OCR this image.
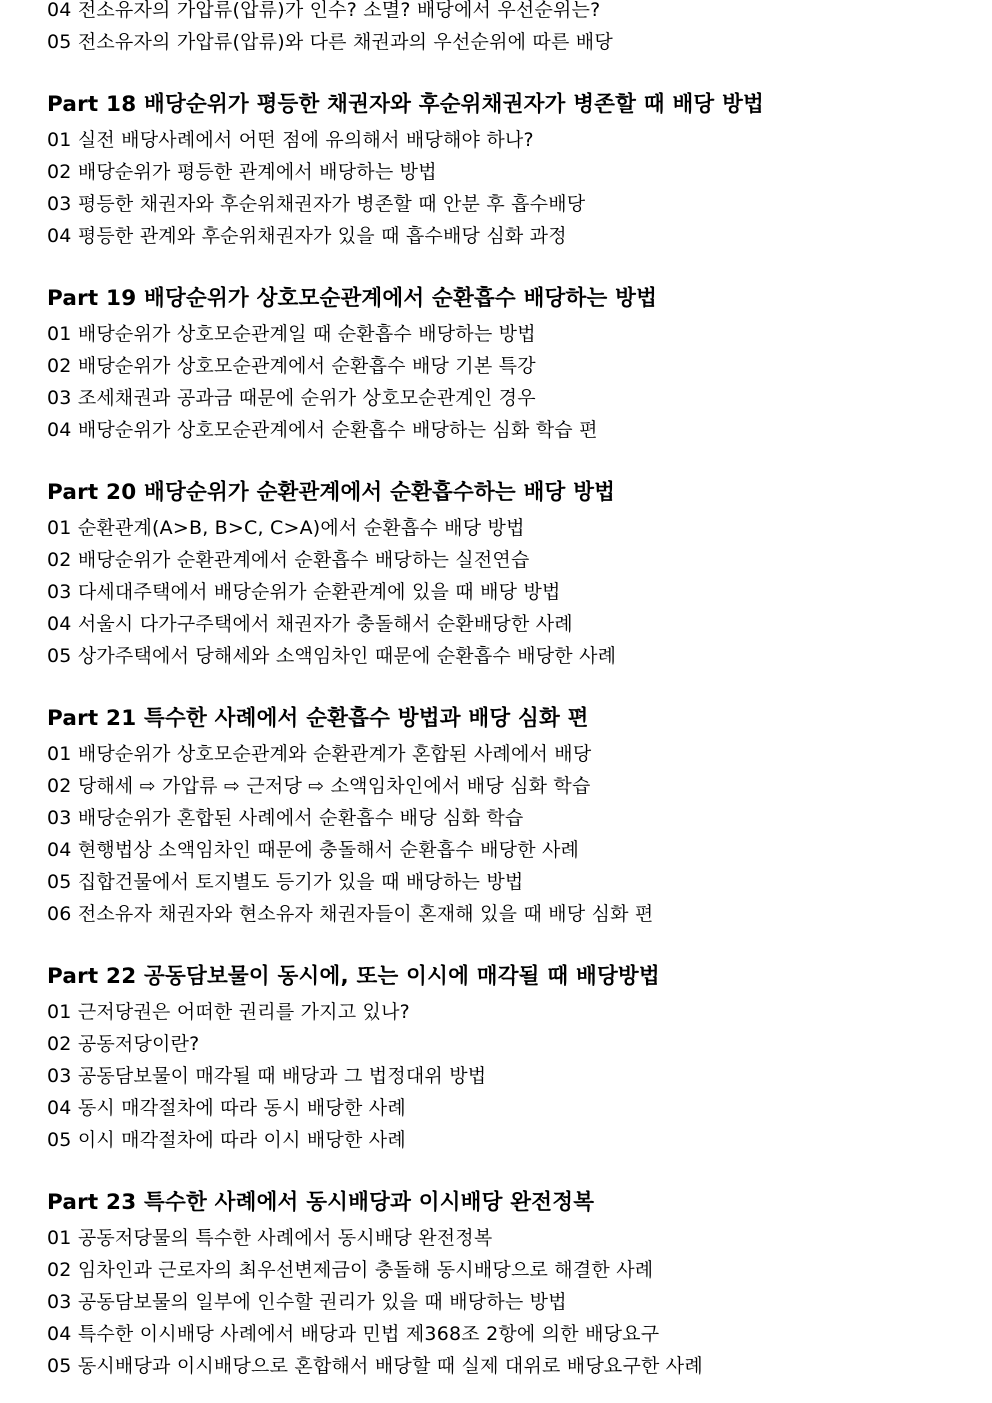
04 전소유자의 가압류(압류)가 인수? 소멸? 배당에서 우선순위는?
05 전소유자의 가압류(압류)와 다른 채권과의 우선순위에 따른 배당
Part 18 배당순위가 평등한 채권자와 후순위채권자가 병존할 때 배당 방법
01 실전 배당사례에서 어떤 점에 유의해서 배당해야 하나?
02 배당순위가 평등한 관계에서 배당하는 방법
03 평등한 채권자와 후순위채권자가 병존할 때 안분 후 흡수배당
04 평등한 관계와 후순위채권자가 있을 때 흡수배당 심화 과정
Part 19 배당순위가 상호모순관계에서 순환흡수 배당하는 방법
01 배당순위가 상호모순관계일 때 순환흡수 배당하는 방법
02 배당순위가 상호모순관계에서 순환흡수 배당 기본 특강
03 조세채권과 공과금 때문에 순위가 상호모순관계인 경우
04 배당순위가 상호모순관계에서 순환흡수 배당하는 심화 학습 편
Part 20 배당순위가 순환관계에서 순환흡수하는 배당 방법
01 순환관계(A>B, B>C, C>A)에서 순환흡수 배당 방법
02 배당순위가 순환관계에서 순환흡수 배당하는 실전연습
03 다세대주택에서 배당순위가 순환관계에 있을 때 배당 방법
04 서울시 다가구주택에서 채권자가 충돌해서 순환배당한 사례
05 상가주택에서 당해세와 소액임차인 때문에 순환흡수 배당한 사례
Part 21 특수한 사례에서 순환흡수 방법과 배당 심화 편
01 배당순위가 상호모순관계와 순환관계가 혼합된 사례에서 배당
02 당해세 ⇨ 가압류 ⇨ 근저당 ⇨ 소액임차인에서 배당 심화 학습
03 배당순위가 혼합된 사례에서 순환흡수 배당 심화 학습
04 현행법상 소액임차인 때문에 충돌해서 순환흡수 배당한 사례
05 집합건물에서 토지별도 등기가 있을 때 배당하는 방법
06 전소유자 채권자와 현소유자 채권자들이 혼재해 있을 때 배당 심화 편
Part 22 공동담보물이 동시에, 또는 이시에 매각될 때 배당방법
01 근저당권은 어떠한 권리를 가지고 있나?
02 공동저당이란?
03 공동담보물이 매각될 때 배당과 그 법정대위 방법
04 동시 매각절차에 따라 동시 배당한 사례
05 이시 매각절차에 따라 이시 배당한 사례
Part 23 특수한 사례에서 동시배당과 이시배당 완전정복
01 공동저당물의 특수한 사례에서 동시배당 완전정복
02 임차인과 근로자의 최우선변제금이 충돌해 동시배당으로 해결한 사례
03 공동담보물의 일부에 인수할 권리가 있을 때 배당하는 방법
04 특수한 이시배당 사례에서 배당과 민법 제368조 2항에 의한 배당요구
05 동시배당과 이시배당으로 혼합해서 배당할 때 실제 대위로 배당요구한 사례
